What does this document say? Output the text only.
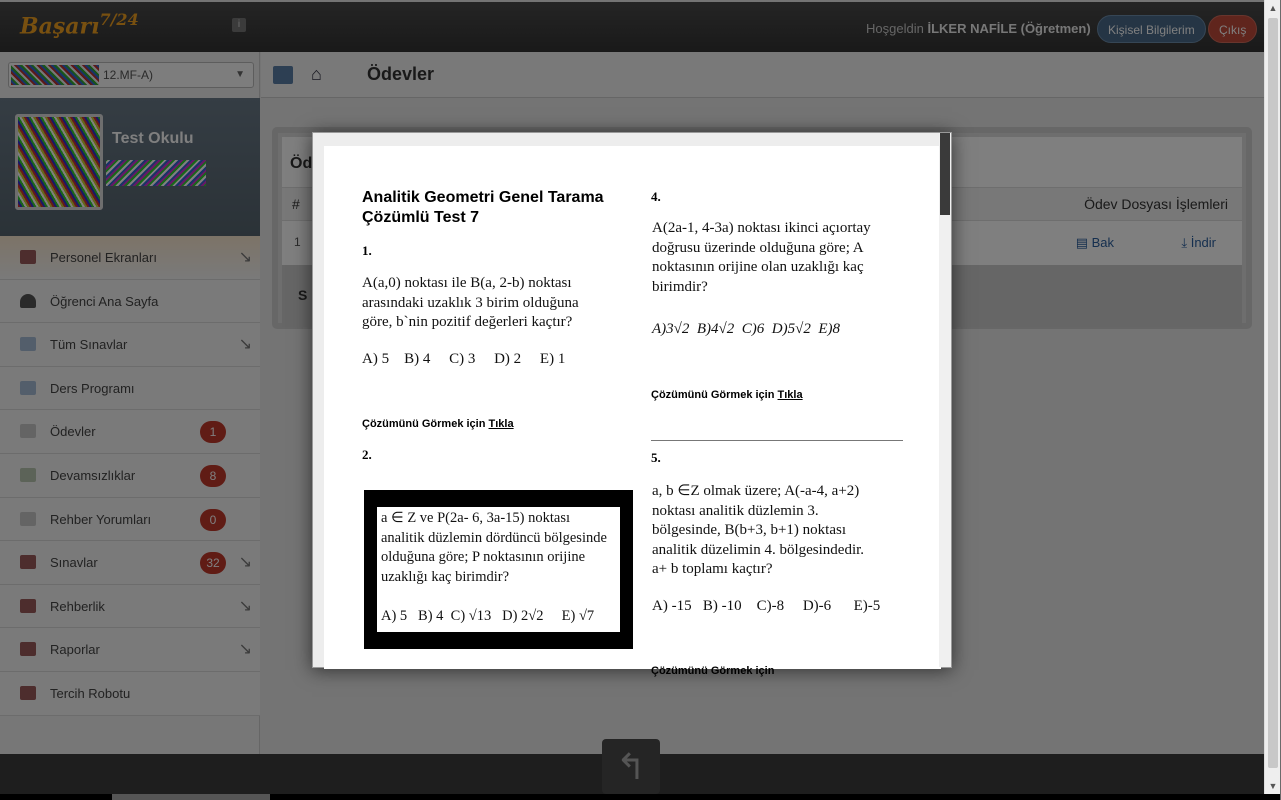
▲
▼
Analitik Geometri Genel Tarama Çözümlü Test 7
1.
A(a,0) noktası ile B(a, 2-b) noktası arasındaki uzaklık 3 birim olduğuna göre, b`nin pozitif değerleri kaçtır?
A) 5    B) 4     C) 3     D) 2     E) 1
Çözümünü Görmek için Tıkla
2.
a ∈ Z ve P(2a- 6, 3a-15) noktası analitik düzlemin dördüncü bölgesinde olduğuna göre; P noktasının orijine uzaklığı kaç birimdir?
A) 5   B) 4  C) √13   D) 2√2     E) √7
4.
A(2a-1, 4-3a) noktası ikinci açıortay doğrusu üzerinde olduğuna göre; A noktasının orijine olan uzaklığı kaç birimdir?
A)3√2  B)4√2  C)6  D)5√2  E)8
Çözümünü Görmek için Tıkla
5.
a, b ∈Z olmak üzere; A(-a-4, a+2) noktası analitik düzlemin 3. bölgesinde, B(b+3, b+1) noktası analitik düzelimin 4. bölgesindedir. a+ b toplamı kaçtır?
A) -15   B) -10    C)-8     D)-6      E)-5
Çözümünü Görmek için
